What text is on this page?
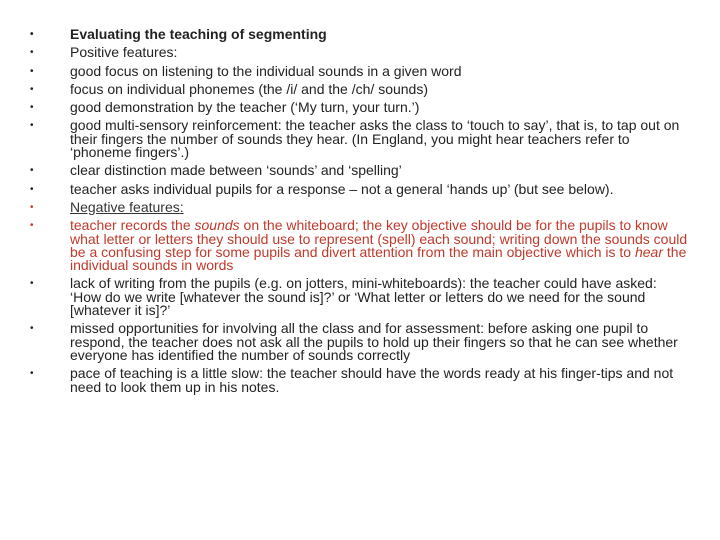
• Evaluating the teaching of segmenting
• Positive features:
• good focus on listening to the individual sounds in a given word
• focus on individual phonemes (the /i/ and the /ch/ sounds)
• good demonstration by the teacher (‘My turn, your turn.’)
• good multi-sensory reinforcement: the teacher asks the class to ‘touch to say’, that is, to tap out on their fingers the number of sounds they hear. (In England, you might hear teachers refer to ‘phoneme fingers’.)
• clear distinction made between ‘sounds’ and ‘spelling’
• teacher asks individual pupils for a response – not a general ‘hands up’ (but see below).
• Negative features:
• teacher records the sounds on the whiteboard; the key objective should be for the pupils to know what letter or letters they should use to represent (spell) each sound; writing down the sounds could be a confusing step for some pupils and divert attention from the main objective which is to hear the individual sounds in words
• lack of writing from the pupils (e.g. on jotters, mini-whiteboards): the teacher could have asked: ‘How do we write [whatever the sound is]?’ or ‘What letter or letters do we need for the sound [whatever it is]?’
• missed opportunities for involving all the class and for assessment: before asking one pupil to respond, the teacher does not ask all the pupils to hold up their fingers so that he can see whether everyone has identified the number of sounds correctly
• pace of teaching is a little slow: the teacher should have the words ready at his finger-tips and not need to look them up in his notes.
